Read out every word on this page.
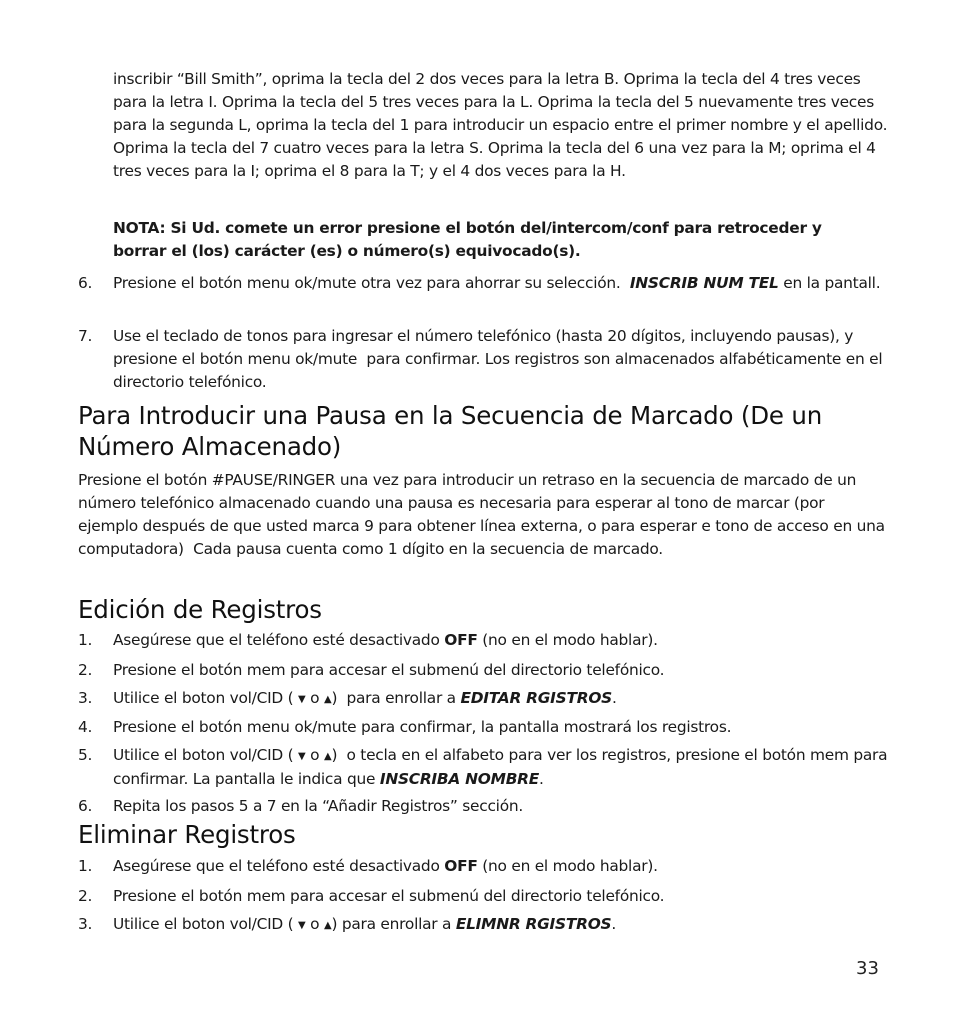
inscribir “Bill Smith”, oprima la tecla del 2 dos veces para la letra B. Oprima la tecla del 4 tres veces para la letra I. Oprima la tecla del 5 tres veces para la L. Oprima la tecla del 5 nuevamente tres veces para la segunda L, oprima la tecla del 1 para introducir un espacio entre el primer nombre y el apellido. Oprima la tecla del 7 cuatro veces para la letra S. Oprima la tecla del 6 una vez para la M; oprima el 4 tres veces para la I; oprima el 8 para la T; y el 4 dos veces para la H.

NOTA: Si Ud. comete un error presione el botón del/intercom/conf para retroceder y borrar el (los) carácter (es) o número(s) equivocado(s).

6.	Presione el botón menu ok/mute otra vez para ahorrar su selección.  INSCRIB NUM TEL en la pantall.
7.	Use el teclado de tonos para ingresar el número telefónico (hasta 20 dígitos, incluyendo pausas), y presione el botón menu ok/mute  para confirmar. Los registros son almacenados alfabéticamente en el directorio telefónico.
Para Introducir una Pausa en la Secuencia de Marcado (De un Número Almacenado)

Presione el botón #PAUSE/RINGER una vez para introducir un retraso en la secuencia de marcado de un número telefónico almacenado cuando una pausa es necesaria para esperar al tono de marcar (por ejemplo después de que usted marca 9 para obtener línea externa, o para esperar e tono de acceso en una computadora)  Cada pausa cuenta como 1 dígito en la secuencia de marcado.

Edición de Registros
1.	Asegúrese que el teléfono esté desactivado OFF (no en el modo hablar).
2.	Presione el botón mem para accesar el submenú del directorio telefónico.
3.	Utilice el boton vol/CID ( ▼ o ▲)  para enrollar a EDITAR RGISTROS.
4.	Presione el botón menu ok/mute para confirmar, la pantalla mostrará los registros.
5.	Utilice el boton vol/CID ( ▼ o ▲)  o tecla en el alfabeto para ver los registros, presione el botón mem para confirmar. La pantalla le indica que INSCRIBA NOMBRE.
6.	Repita los pasos 5 a 7 en la “Añadir Registros” sección.
Eliminar Registros
1.	Asegúrese que el teléfono esté desactivado OFF (no en el modo hablar).
2.	Presione el botón mem para accesar el submenú del directorio telefónico.
3.	Utilice el boton vol/CID ( ▼ o ▲) para enrollar a ELIMNR RGISTROS.
33
